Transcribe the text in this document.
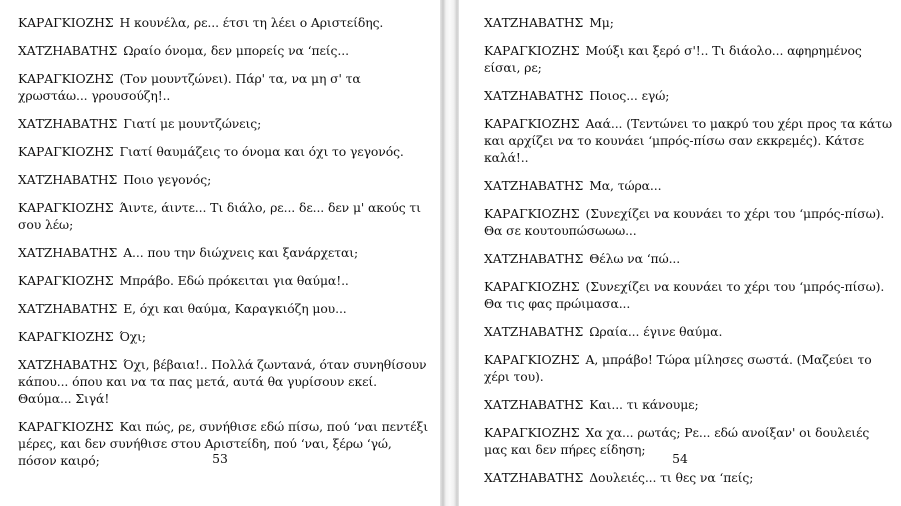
ΚΑΡΑΓΚΙΟΖΗΣ Η κουνέλα, ρε... έτσι τη λέει ο Αριστείδης.

ΧΑΤΖΗΑΒΑΤΗΣ Ωραίο όνομα, δεν μπορείς να ‘πείς...

ΚΑΡΑΓΚΙΟΖΗΣ (Τον μουντζώνει). Πάρ' τα, να μη σ' τα χρωστάω... γρουσούζη!..

ΧΑΤΖΗΑΒΑΤΗΣ Γιατί με μουντζώνεις;

ΚΑΡΑΓΚΙΟΖΗΣ Γιατί θαυμάζεις το όνομα και όχι το γεγονός.

ΧΑΤΖΗΑΒΑΤΗΣ Ποιο γεγονός;

ΚΑΡΑΓΚΙΟΖΗΣ Άιντε, άιντε... Τι διάλο, ρε... δε... δεν μ' ακούς τι σου λέω;

ΧΑΤΖΗΑΒΑΤΗΣ Α... που την διώχνεις και ξανάρχεται;

ΚΑΡΑΓΚΙΟΖΗΣ Μπράβο. Εδώ πρόκειται για θαύμα!..

ΧΑΤΖΗΑΒΑΤΗΣ Ε, όχι και θαύμα, Καραγκιόζη μου...

ΚΑΡΑΓΚΙΟΖΗΣ Όχι;

ΧΑΤΖΗΑΒΑΤΗΣ Όχι, βέβαια!.. Πολλά ζωντανά, όταν συνηθίσουν κάπου... όπου και να τα πας μετά, αυτά θα γυρίσουν εκεί. Θαύμα... Σιγά!

ΚΑΡΑΓΚΙΟΖΗΣ Και πώς, ρε, συνήθισε εδώ πίσω, πού ‘ναι πεντέξι μέρες, και δεν συνήθισε στου Αριστείδη, πού ‘ναι, ξέρω ‘γώ, πόσον καιρό;	53

ΧΑΤΖΗΑΒΑΤΗΣ Μμ;

ΚΑΡΑΓΚΙΟΖΗΣ Μούξι και ξερό σ'!.. Τι διάολο... αφηρημένος είσαι, ρε;

ΧΑΤΖΗΑΒΑΤΗΣ Ποιος... εγώ;

ΚΑΡΑΓΚΙΟΖΗΣ Ααά... (Τεντώνει το μακρύ του χέρι προς τα κάτω και αρχίζει να το κουνάει ‘μπρός-πίσω σαν εκκρεμές). Κάτσε καλά!..

ΧΑΤΖΗΑΒΑΤΗΣ Μα, τώρα...

ΚΑΡΑΓΚΙΟΖΗΣ (Συνεχίζει να κουνάει το χέρι του ‘μπρός-πίσω). Θα σε κουτουπώσωωω...

ΧΑΤΖΗΑΒΑΤΗΣ Θέλω να ‘πώ...

ΚΑΡΑΓΚΙΟΖΗΣ (Συνεχίζει να κουνάει το χέρι του ‘μπρός-πίσω). Θα τις φας πρώιμασα...

ΧΑΤΖΗΑΒΑΤΗΣ Ωραία... έγινε θαύμα.

ΚΑΡΑΓΚΙΟΖΗΣ Α, μπράβο! Τώρα μίλησες σωστά. (Μαζεύει το χέρι του).

ΧΑΤΖΗΑΒΑΤΗΣ Και... τι κάνουμε;

ΚΑΡΑΓΚΙΟΖΗΣ Χα χα... ρωτάς; Ρε... εδώ ανοίξαν' οι δουλειές μας και δεν πήρες είδηση;

ΧΑΤΖΗΑΒΑΤΗΣ Δουλειές... τι θες να ‘πείς;

54
